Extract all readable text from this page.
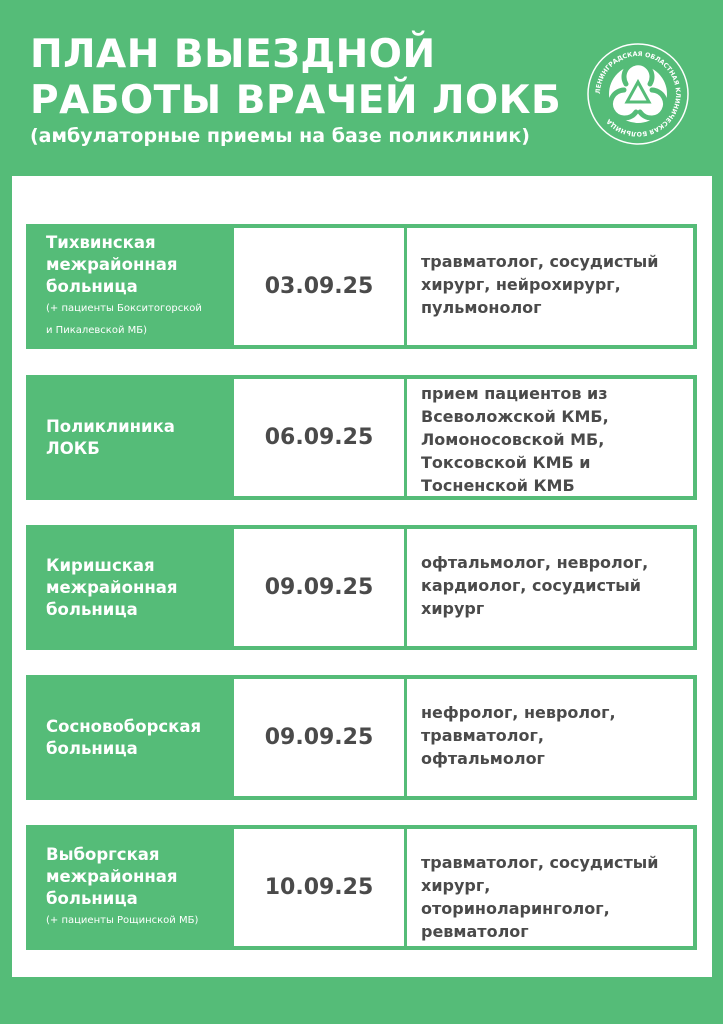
ПЛАН ВЫЕЗДНОЙ
РАБОТЫ ВРАЧЕЙ ЛОКБ
(амбулаторные приемы на базе поликлиник)
ЛЕНИНГРАДСКАЯ ОБЛАСТНАЯ КЛИНИЧЕСКАЯ БОЛЬНИЦА
Тихвинская
межрайонная
больница
(+ пациенты Бокситогорской
и Пикалевской МБ)
03.09.25
травматолог, сосудистый
хирург, нейрохирург,
пульмонолог
Поликлиника
ЛОКБ	06.09.25
прием пациентов из
Всеволожской КМБ,
Ломоносовской МБ,
Токсовской КМБ и
Тосненской КМБ
Киришская
межрайонная
больница
09.09.25
офтальмолог, невролог,
кардиолог, сосудистый
хирург
Сосновоборская
больница	09.09.25
нефролог, невролог,
травматолог,
офтальмолог
Выборгская
межрайонная
больница
(+ пациенты Рощинской МБ)
10.09.25
травматолог, сосудистый
хирург,
оториноларинголог,
ревматолог
